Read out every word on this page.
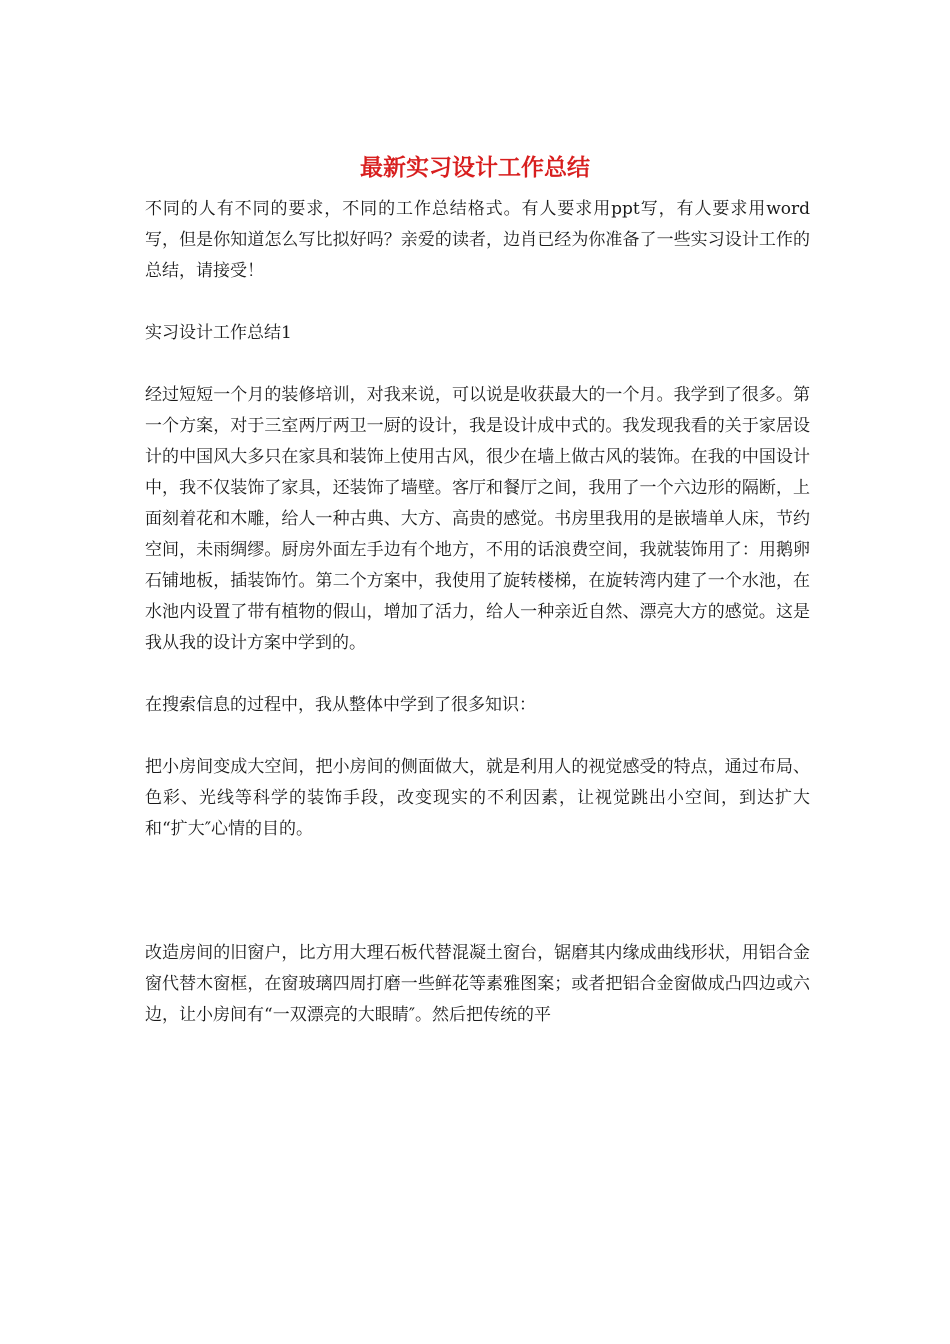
最新实习设计工作总结

不同的人有不同的要求，不同的工作总结格式。有人要求用ppt写，有人要求用word写，但是你知道怎么写比拟好吗？亲爱的读者，边肖已经为你准备了一些实习设计工作的总结，请接受！

实习设计工作总结1

经过短短一个月的装修培训，对我来说，可以说是收获最大的一个月。我学到了很多。第一个方案，对于三室两厅两卫一厨的设计，我是设计成中式的。我发现我看的关于家居设计的中国风大多只在家具和装饰上使用古风，很少在墙上做古风的装饰。在我的中国设计中，我不仅装饰了家具，还装饰了墙壁。客厅和餐厅之间，我用了一个六边形的隔断，上面刻着花和木雕，给人一种古典、大方、高贵的感觉。书房里我用的是嵌墙单人床，节约空间，未雨绸缪。厨房外面左手边有个地方，不用的话浪费空间，我就装饰用了：用鹅卵石铺地板，插装饰竹。第二个方案中，我使用了旋转楼梯，在旋转湾内建了一个水池，在水池内设置了带有植物的假山，增加了活力，给人一种亲近自然、漂亮大方的感觉。这是我从我的设计方案中学到的。

在搜索信息的过程中，我从整体中学到了很多知识：

把小房间变成大空间，把小房间的侧面做大，就是利用人的视觉感受的特点，通过布局、色彩、光线等科学的装饰手段，改变现实的不利因素，让视觉跳出小空间，到达扩大和“扩大″心情的目的。

改造房间的旧窗户，比方用大理石板代替混凝土窗台，锯磨其内缘成曲线形状，用铝合金窗代替木窗框，在窗玻璃四周打磨一些鲜花等素雅图案；或者把铝合金窗做成凸四边或六边，让小房间有“一双漂亮的大眼睛″。然后把传统的平
